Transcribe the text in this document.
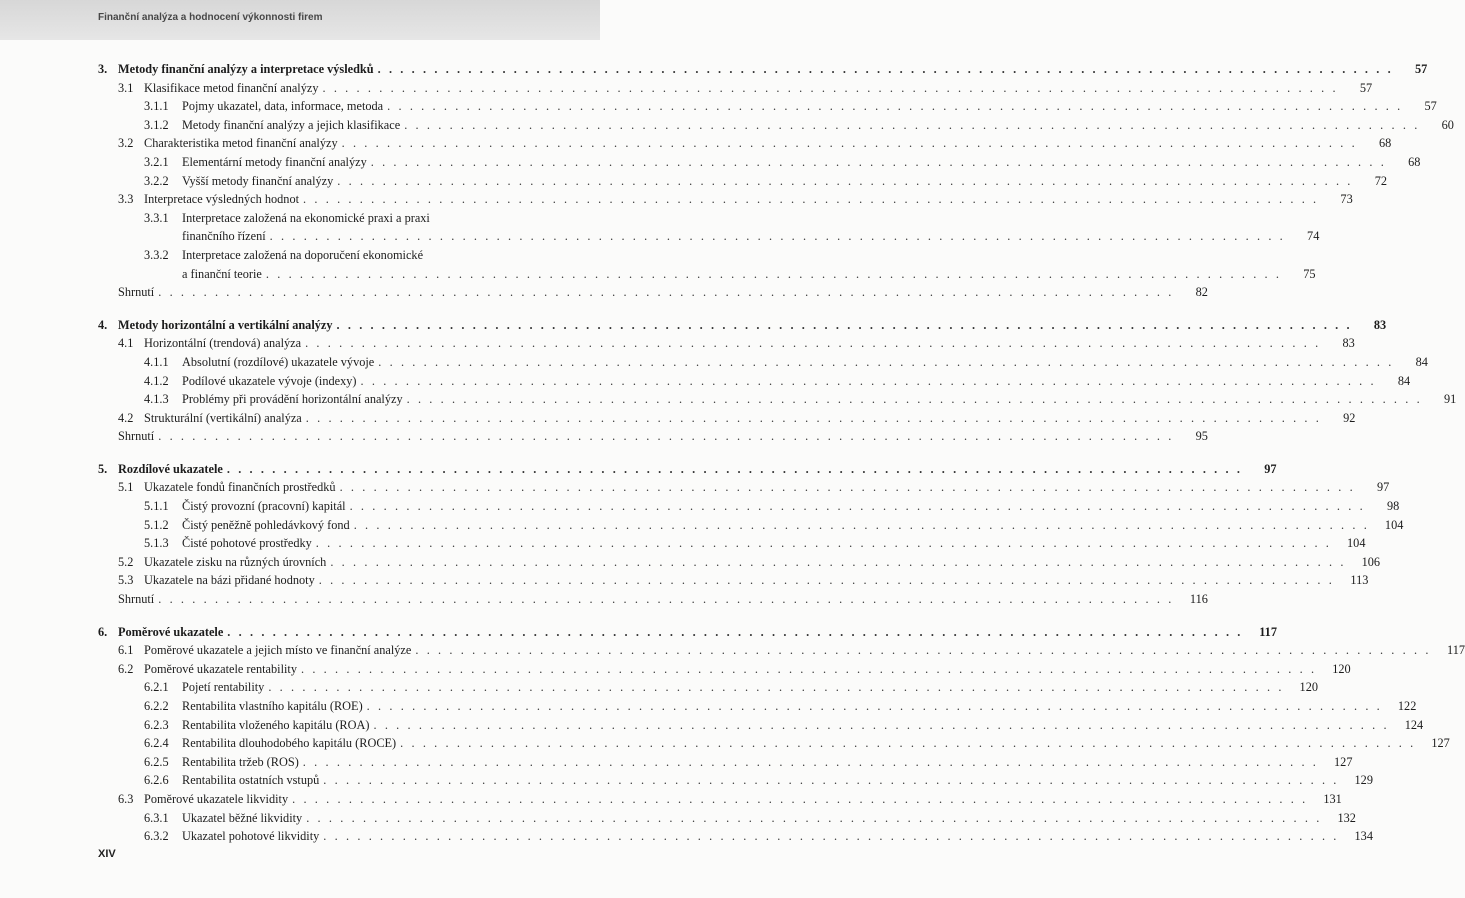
Finanční analýza a hodnocení výkonnosti firem
3. Metody finanční analýzy a interpretace výsledků . . . . . . . . . . . . . . . . . . . . . . . . . . . . . . . . . . . . . . . . . . . . . . . . . . . . . . . . . . . . . . . . . . . . . . . . . . . . . . . . . . . . . . . . . .	57
3.1 Klasifikace metod finanční analýzy . . . . . . . . . . . . . . . . . . . . . . . . . . . . . . . . . . . . . . . . . . . . . . . . . . . . . . . . . . . . . . . . . . . . . . . . . . . . . . . . . . . . . . . . . .	57
3.1.1	Pojmy ukazatel, data, informace, metoda . . . . . . . . . . . . . . . . . . . . . . . . . . . . . . . . . . . . . . . . . . . . . . . . . . . . . . . . . . . . . . . . . . . . . . . . . . . . . . . . . . . . . . . . . .	57
3.1.2	Metody finanční analýzy a jejich klasifikace . . . . . . . . . . . . . . . . . . . . . . . . . . . . . . . . . . . . . . . . . . . . . . . . . . . . . . . . . . . . . . . . . . . . . . . . . . . . . . . . . . . . . . . . . .	60
3.2 Charakteristika metod finanční analýzy . . . . . . . . . . . . . . . . . . . . . . . . . . . . . . . . . . . . . . . . . . . . . . . . . . . . . . . . . . . . . . . . . . . . . . . . . . . . . . . . . . . . . . . . . .	68
3.2.1	Elementární metody finanční analýzy . . . . . . . . . . . . . . . . . . . . . . . . . . . . . . . . . . . . . . . . . . . . . . . . . . . . . . . . . . . . . . . . . . . . . . . . . . . . . . . . . . . . . . . . . .	68
3.2.2	Vyšší metody finanční analýzy . . . . . . . . . . . . . . . . . . . . . . . . . . . . . . . . . . . . . . . . . . . . . . . . . . . . . . . . . . . . . . . . . . . . . . . . . . . . . . . . . . . . . . . . . .	72
3.3 Interpretace výsledných hodnot . . . . . . . . . . . . . . . . . . . . . . . . . . . . . . . . . . . . . . . . . . . . . . . . . . . . . . . . . . . . . . . . . . . . . . . . . . . . . . . . . . . . . . . . . .	73
3.3.1	Interpretace založená na ekonomické praxi a praxi
finančního řízení . . . . . . . . . . . . . . . . . . . . . . . . . . . . . . . . . . . . . . . . . . . . . . . . . . . . . . . . . . . . . . . . . . . . . . . . . . . . . . . . . . . . . . . . . .	74
3.3.2	Interpretace založená na doporučení ekonomické
a finanční teorie . . . . . . . . . . . . . . . . . . . . . . . . . . . . . . . . . . . . . . . . . . . . . . . . . . . . . . . . . . . . . . . . . . . . . . . . . . . . . . . . . . . . . . . . . .	75
Shrnutí . . . . . . . . . . . . . . . . . . . . . . . . . . . . . . . . . . . . . . . . . . . . . . . . . . . . . . . . . . . . . . . . . . . . . . . . . . . . . . . . . . . . . . . . . .	82
4. Metody horizontální a vertikální analýzy . . . . . . . . . . . . . . . . . . . . . . . . . . . . . . . . . . . . . . . . . . . . . . . . . . . . . . . . . . . . . . . . . . . . . . . . . . . . . . . . . . . . . . . . . .	83
4.1 Horizontální (trendová) analýza . . . . . . . . . . . . . . . . . . . . . . . . . . . . . . . . . . . . . . . . . . . . . . . . . . . . . . . . . . . . . . . . . . . . . . . . . . . . . . . . . . . . . . . . . .	83
4.1.1	Absolutní (rozdílové) ukazatele vývoje . . . . . . . . . . . . . . . . . . . . . . . . . . . . . . . . . . . . . . . . . . . . . . . . . . . . . . . . . . . . . . . . . . . . . . . . . . . . . . . . . . . . . . . . . .	84
4.1.2	Podílové ukazatele vývoje (indexy) . . . . . . . . . . . . . . . . . . . . . . . . . . . . . . . . . . . . . . . . . . . . . . . . . . . . . . . . . . . . . . . . . . . . . . . . . . . . . . . . . . . . . . . . . .	84
4.1.3	Problémy při provádění horizontální analýzy . . . . . . . . . . . . . . . . . . . . . . . . . . . . . . . . . . . . . . . . . . . . . . . . . . . . . . . . . . . . . . . . . . . . . . . . . . . . . . . . . . . . . . . . . .	91
4.2 Strukturální (vertikální) analýza . . . . . . . . . . . . . . . . . . . . . . . . . . . . . . . . . . . . . . . . . . . . . . . . . . . . . . . . . . . . . . . . . . . . . . . . . . . . . . . . . . . . . . . . . .	92
Shrnutí . . . . . . . . . . . . . . . . . . . . . . . . . . . . . . . . . . . . . . . . . . . . . . . . . . . . . . . . . . . . . . . . . . . . . . . . . . . . . . . . . . . . . . . . . .	95
5. Rozdílové ukazatele . . . . . . . . . . . . . . . . . . . . . . . . . . . . . . . . . . . . . . . . . . . . . . . . . . . . . . . . . . . . . . . . . . . . . . . . . . . . . . . . . . . . . . . . . .	97
5.1 Ukazatele fondů finančních prostředků . . . . . . . . . . . . . . . . . . . . . . . . . . . . . . . . . . . . . . . . . . . . . . . . . . . . . . . . . . . . . . . . . . . . . . . . . . . . . . . . . . . . . . . . . .	97
5.1.1	Čistý provozní (pracovní) kapitál . . . . . . . . . . . . . . . . . . . . . . . . . . . . . . . . . . . . . . . . . . . . . . . . . . . . . . . . . . . . . . . . . . . . . . . . . . . . . . . . . . . . . . . . . .	98
5.1.2	Čistý peněžně pohledávkový fond . . . . . . . . . . . . . . . . . . . . . . . . . . . . . . . . . . . . . . . . . . . . . . . . . . . . . . . . . . . . . . . . . . . . . . . . . . . . . . . . . . . . . . . . . .	104
5.1.3	Čisté pohotové prostředky . . . . . . . . . . . . . . . . . . . . . . . . . . . . . . . . . . . . . . . . . . . . . . . . . . . . . . . . . . . . . . . . . . . . . . . . . . . . . . . . . . . . . . . . . .	104
5.2 Ukazatele zisku na různých úrovních . . . . . . . . . . . . . . . . . . . . . . . . . . . . . . . . . . . . . . . . . . . . . . . . . . . . . . . . . . . . . . . . . . . . . . . . . . . . . . . . . . . . . . . . . .	106
5.3 Ukazatele na bázi přidané hodnoty . . . . . . . . . . . . . . . . . . . . . . . . . . . . . . . . . . . . . . . . . . . . . . . . . . . . . . . . . . . . . . . . . . . . . . . . . . . . . . . . . . . . . . . . . .	113
Shrnutí . . . . . . . . . . . . . . . . . . . . . . . . . . . . . . . . . . . . . . . . . . . . . . . . . . . . . . . . . . . . . . . . . . . . . . . . . . . . . . . . . . . . . . . . . .	116
6. Poměrové ukazatele . . . . . . . . . . . . . . . . . . . . . . . . . . . . . . . . . . . . . . . . . . . . . . . . . . . . . . . . . . . . . . . . . . . . . . . . . . . . . . . . . . . . . . . . . .	117
6.1 Poměrové ukazatele a jejich místo ve finanční analýze . . . . . . . . . . . . . . . . . . . . . . . . . . . . . . . . . . . . . . . . . . . . . . . . . . . . . . . . . . . . . . . . . . . . . . . . . . . . . . . . . . . . . . . . . .	117
6.2 Poměrové ukazatele rentability . . . . . . . . . . . . . . . . . . . . . . . . . . . . . . . . . . . . . . . . . . . . . . . . . . . . . . . . . . . . . . . . . . . . . . . . . . . . . . . . . . . . . . . . . .	120
6.2.1	Pojetí rentability . . . . . . . . . . . . . . . . . . . . . . . . . . . . . . . . . . . . . . . . . . . . . . . . . . . . . . . . . . . . . . . . . . . . . . . . . . . . . . . . . . . . . . . . . .	120
6.2.2	Rentabilita vlastního kapitálu (ROE) . . . . . . . . . . . . . . . . . . . . . . . . . . . . . . . . . . . . . . . . . . . . . . . . . . . . . . . . . . . . . . . . . . . . . . . . . . . . . . . . . . . . . . . . . .	122
6.2.3	Rentabilita vloženého kapitálu (ROA) . . . . . . . . . . . . . . . . . . . . . . . . . . . . . . . . . . . . . . . . . . . . . . . . . . . . . . . . . . . . . . . . . . . . . . . . . . . . . . . . . . . . . . . . . .	124
6.2.4	Rentabilita dlouhodobého kapitálu (ROCE) . . . . . . . . . . . . . . . . . . . . . . . . . . . . . . . . . . . . . . . . . . . . . . . . . . . . . . . . . . . . . . . . . . . . . . . . . . . . . . . . . . . . . . . . . .	127
6.2.5	Rentabilita tržeb (ROS) . . . . . . . . . . . . . . . . . . . . . . . . . . . . . . . . . . . . . . . . . . . . . . . . . . . . . . . . . . . . . . . . . . . . . . . . . . . . . . . . . . . . . . . . . .	127
6.2.6	Rentabilita ostatních vstupů . . . . . . . . . . . . . . . . . . . . . . . . . . . . . . . . . . . . . . . . . . . . . . . . . . . . . . . . . . . . . . . . . . . . . . . . . . . . . . . . . . . . . . . . . .	129
6.3 Poměrové ukazatele likvidity . . . . . . . . . . . . . . . . . . . . . . . . . . . . . . . . . . . . . . . . . . . . . . . . . . . . . . . . . . . . . . . . . . . . . . . . . . . . . . . . . . . . . . . . . .	131
6.3.1	Ukazatel běžné likvidity . . . . . . . . . . . . . . . . . . . . . . . . . . . . . . . . . . . . . . . . . . . . . . . . . . . . . . . . . . . . . . . . . . . . . . . . . . . . . . . . . . . . . . . . . .	132
6.3.2	Ukazatel pohotové likvidity . . . . . . . . . . . . . . . . . . . . . . . . . . . . . . . . . . . . . . . . . . . . . . . . . . . . . . . . . . . . . . . . . . . . . . . . . . . . . . . . . . . . . . . . . .	134
XIV
